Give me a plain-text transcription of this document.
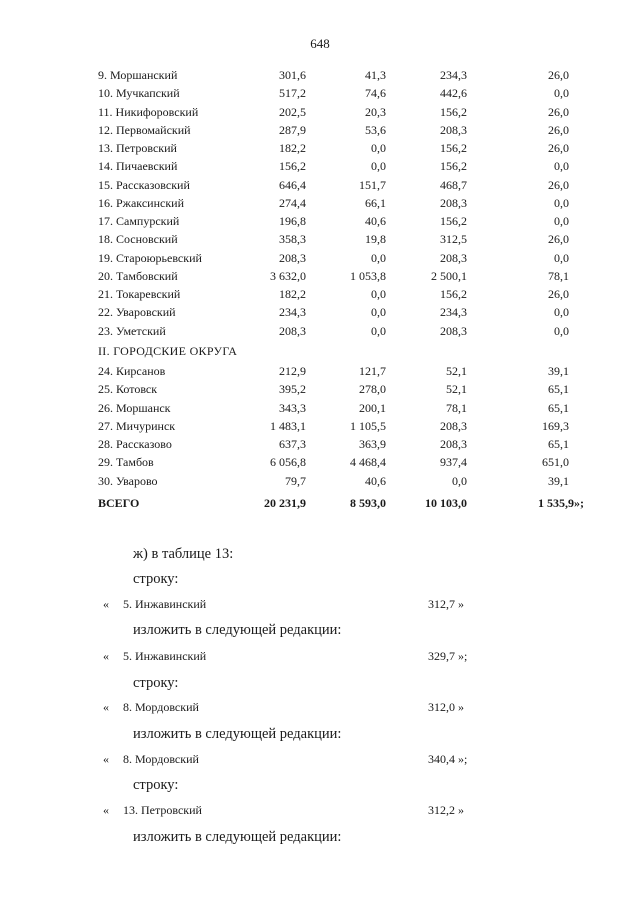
648
9. Моршанский	301,6	41,3	234,3	26,0
10. Мучкапский	517,2	74,6	442,6	0,0
11. Никифоровский	202,5	20,3	156,2	26,0
12. Первомайский	287,9	53,6	208,3	26,0
13. Петровский	182,2	0,0	156,2	26,0
14. Пичаевский	156,2	0,0	156,2	0,0
15. Рассказовский	646,4	151,7	468,7	26,0
16. Ржаксинский	274,4	66,1	208,3	0,0
17. Сампурский	196,8	40,6	156,2	0,0
18. Сосновский	358,3	19,8	312,5	26,0
19. Староюрьевский	208,3	0,0	208,3	0,0
20. Тамбовский	3 632,0	1 053,8	2 500,1	78,1
21. Токаревский	182,2	0,0	156,2	26,0
22. Уваровский	234,3	0,0	234,3	0,0
23. Уметский	208,3	0,0	208,3	0,0
II. ГОРОДСКИЕ ОКРУГА
24. Кирсанов	212,9	121,7	52,1	39,1
25. Котовск	395,2	278,0	52,1	65,1
26. Моршанск	343,3	200,1	78,1	65,1
27. Мичуринск	1 483,1	1 105,5	208,3	169,3
28. Рассказово	637,3	363,9	208,3	65,1
29. Тамбов	6 056,8	4 468,4	937,4	651,0
30. Уварово	79,7	40,6	0,0	39,1
ВСЕГО	20 231,9	8 593,0	10 103,0	1 535,9»;
ж) в таблице 13:
строку:
« 5. Инжавинский	312,7 »
изложить в следующей редакции:
« 5. Инжавинский	329,7 »;
строку:
« 8. Мордовский	312,0 »
изложить в следующей редакции:
« 8. Мордовский	340,4 »;
строку:
« 13. Петровский	312,2 »
изложить в следующей редакции:
